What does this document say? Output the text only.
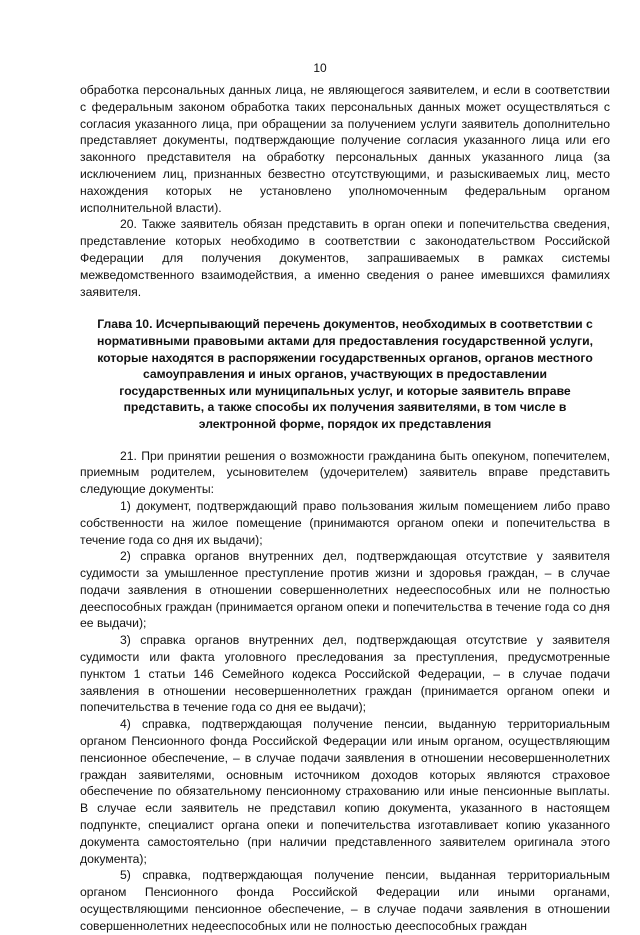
10

обработка персональных данных лица, не являющегося заявителем, и если в соответствии с федеральным законом обработка таких персональных данных может осуществляться с согласия указанного лица, при обращении за получением услуги заявитель дополнительно представляет документы, подтверждающие получение согласия указанного лица или его законного представителя на обработку персональных данных указанного лица (за исключением лиц, признанных безвестно отсутствующими, и разыскиваемых лиц, место нахождения которых не установлено уполномоченным федеральным органом исполнительной власти).

20. Также заявитель обязан представить в орган опеки и попечительства сведения, представление которых необходимо в соответствии с законодательством Российской Федерации для получения документов, запрашиваемых в рамках системы межведомственного взаимодействия, а именно сведения о ранее имевшихся фамилиях заявителя.

Глава 10. Исчерпывающий перечень документов, необходимых в соответствии с нормативными правовыми актами для предоставления государственной услуги, которые находятся в распоряжении государственных органов, органов местного самоуправления и иных органов, участвующих в предоставлении государственных или муниципальных услуг, и которые заявитель вправе представить, а также способы их получения заявителями, в том числе в электронной форме, порядок их представления

21. При принятии решения о возможности гражданина быть опекуном, попечителем, приемным родителем, усыновителем (удочерителем) заявитель вправе представить следующие документы:

1) документ, подтверждающий право пользования жилым помещением либо право собственности на жилое помещение (принимаются органом опеки и попечительства в течение года со дня их выдачи);

2) справка органов внутренних дел, подтверждающая отсутствие у заявителя судимости за умышленное преступление против жизни и здоровья граждан, – в случае подачи заявления в отношении совершеннолетних недееспособных или не полностью дееспособных граждан (принимается органом опеки и попечительства в течение года со дня ее выдачи);

3) справка органов внутренних дел, подтверждающая отсутствие у заявителя судимости или факта уголовного преследования за преступления, предусмотренные пунктом 1 статьи 146 Семейного кодекса Российской Федерации, – в случае подачи заявления в отношении несовершеннолетних граждан (принимается органом опеки и попечительства в течение года со дня ее выдачи);

4) справка, подтверждающая получение пенсии, выданную территориальным органом Пенсионного фонда Российской Федерации или иным органом, осуществляющим пенсионное обеспечение, – в случае подачи заявления в отношении несовершеннолетних граждан заявителями, основным источником доходов которых являются страховое обеспечение по обязательному пенсионному страхованию или иные пенсионные выплаты. В случае если заявитель не представил копию документа, указанного в настоящем подпункте, специалист органа опеки и попечительства изготавливает копию указанного документа самостоятельно (при наличии представленного заявителем оригинала этого документа);

5) справка, подтверждающая получение пенсии, выданная территориальным органом Пенсионного фонда Российской Федерации или иными органами, осуществляющими пенсионное обеспечение, – в случае подачи заявления в отношении совершеннолетних недееспособных или не полностью дееспособных граждан
